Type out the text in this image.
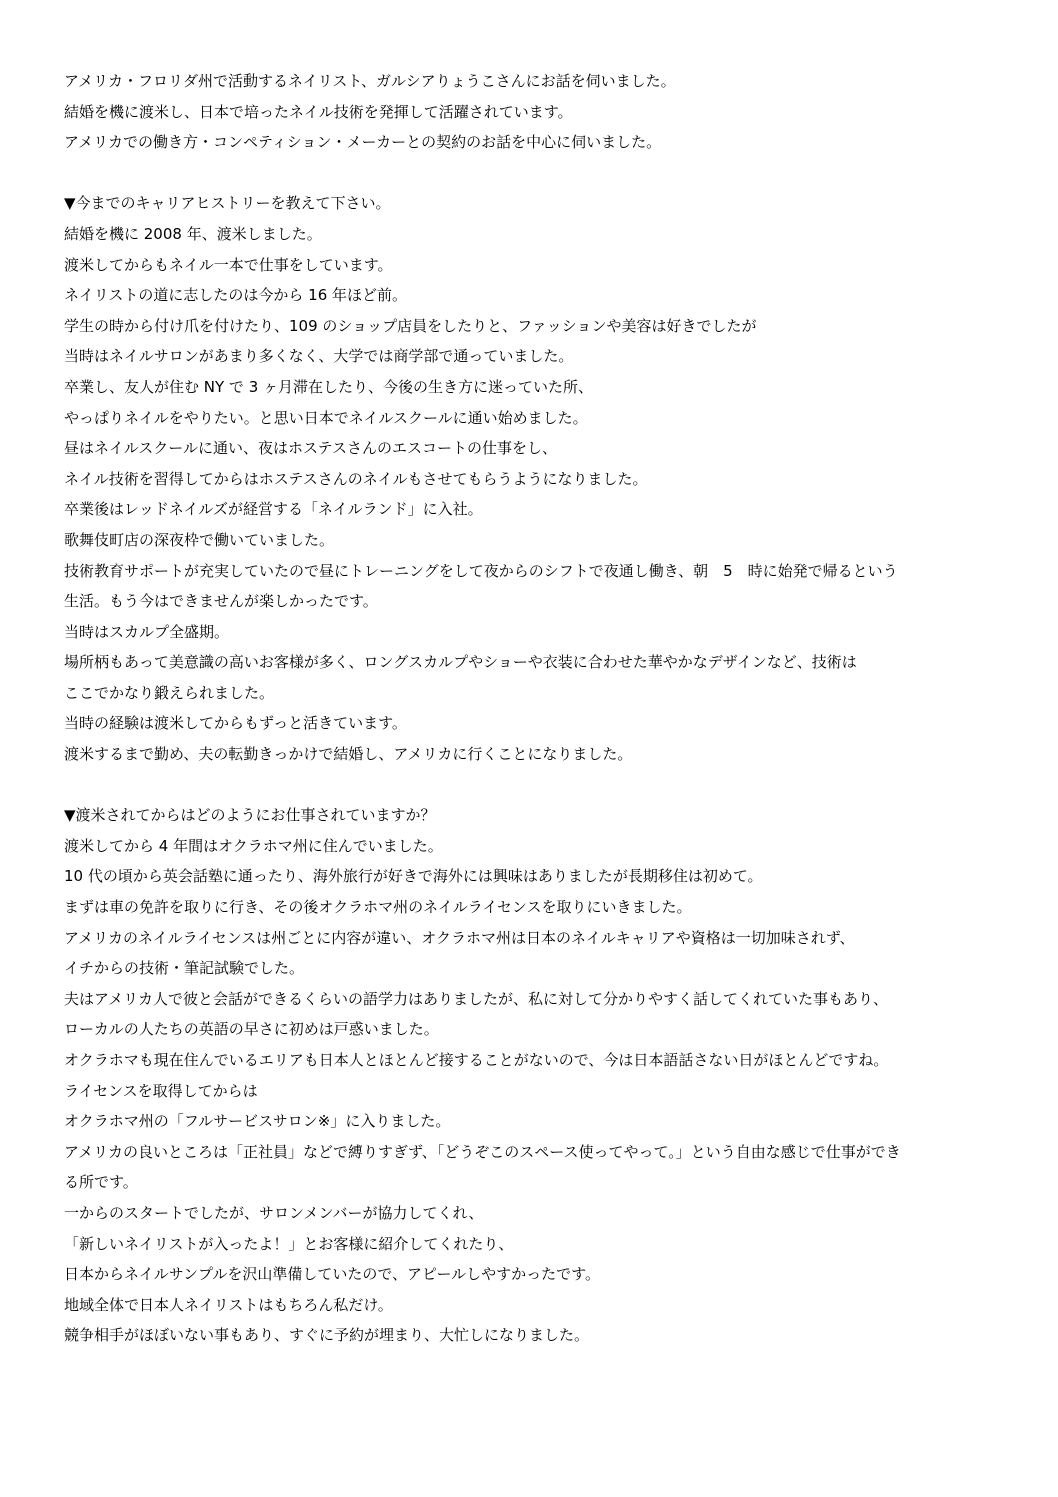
アメリカ・フロリダ州で活動するネイリスト、ガルシアりょうこさんにお話を伺いました。
結婚を機に渡米し、日本で培ったネイル技術を発揮して活躍されています。
アメリカでの働き方・コンペティション・メーカーとの契約のお話を中心に伺いました。
▼今までのキャリアヒストリーを教えて下さい。
結婚を機に 2008 年、渡米しました。
渡米してからもネイル一本で仕事をしています。
ネイリストの道に志したのは今から 16 年ほど前。
学生の時から付け爪を付けたり、109 のショップ店員をしたりと、ファッションや美容は好きでしたが
当時はネイルサロンがあまり多くなく、大学では商学部で通っていました。
卒業し、友人が住む NY で 3 ヶ月滞在したり、今後の生き方に迷っていた所、
やっぱりネイルをやりたい。と思い日本でネイルスクールに通い始めました。
昼はネイルスクールに通い、夜はホステスさんのエスコートの仕事をし、
ネイル技術を習得してからはホステスさんのネイルもさせてもらうようになりました。
卒業後はレッドネイルズが経営する「ネイルランド」に入社。
歌舞伎町店の深夜枠で働いていました。
技術教育サポートが充実していたので昼にトレーニングをして夜からのシフトで夜通し働き、朝　5　時に始発で帰るという
生活。もう今はできませんが楽しかったです。
当時はスカルプ全盛期。
場所柄もあって美意識の高いお客様が多く、ロングスカルプやショーや衣装に合わせた華やかなデザインなど、技術は
ここでかなり鍛えられました。
当時の経験は渡米してからもずっと活きています。
渡米するまで勤め、夫の転勤きっかけで結婚し、アメリカに行くことになりました。
▼渡米されてからはどのようにお仕事されていますか？
渡米してから 4 年間はオクラホマ州に住んでいました。
10 代の頃から英会話塾に通ったり、海外旅行が好きで海外には興味はありましたが長期移住は初めて。
まずは車の免許を取りに行き、その後オクラホマ州のネイルライセンスを取りにいきました。
アメリカのネイルライセンスは州ごとに内容が違い、オクラホマ州は日本のネイルキャリアや資格は一切加味されず、
イチからの技術・筆記試験でした。
夫はアメリカ人で彼と会話ができるくらいの語学力はありましたが、私に対して分かりやすく話してくれていた事もあり、
ローカルの人たちの英語の早さに初めは戸惑いました。
オクラホマも現在住んでいるエリアも日本人とほとんど接することがないので、今は日本語話さない日がほとんどですね。
ライセンスを取得してからは
オクラホマ州の「フルサービスサロン※」に入りました。
アメリカの良いところは「正社員」などで縛りすぎず、「どうぞこのスペース使ってやって。」という自由な感じで仕事ができ
る所です。
一からのスタートでしたが、サロンメンバーが協力してくれ、
「新しいネイリストが入ったよ！」とお客様に紹介してくれたり、
日本からネイルサンプルを沢山準備していたので、アピールしやすかったです。
地域全体で日本人ネイリストはもちろん私だけ。
競争相手がほぼいない事もあり、すぐに予約が埋まり、大忙しになりました。
